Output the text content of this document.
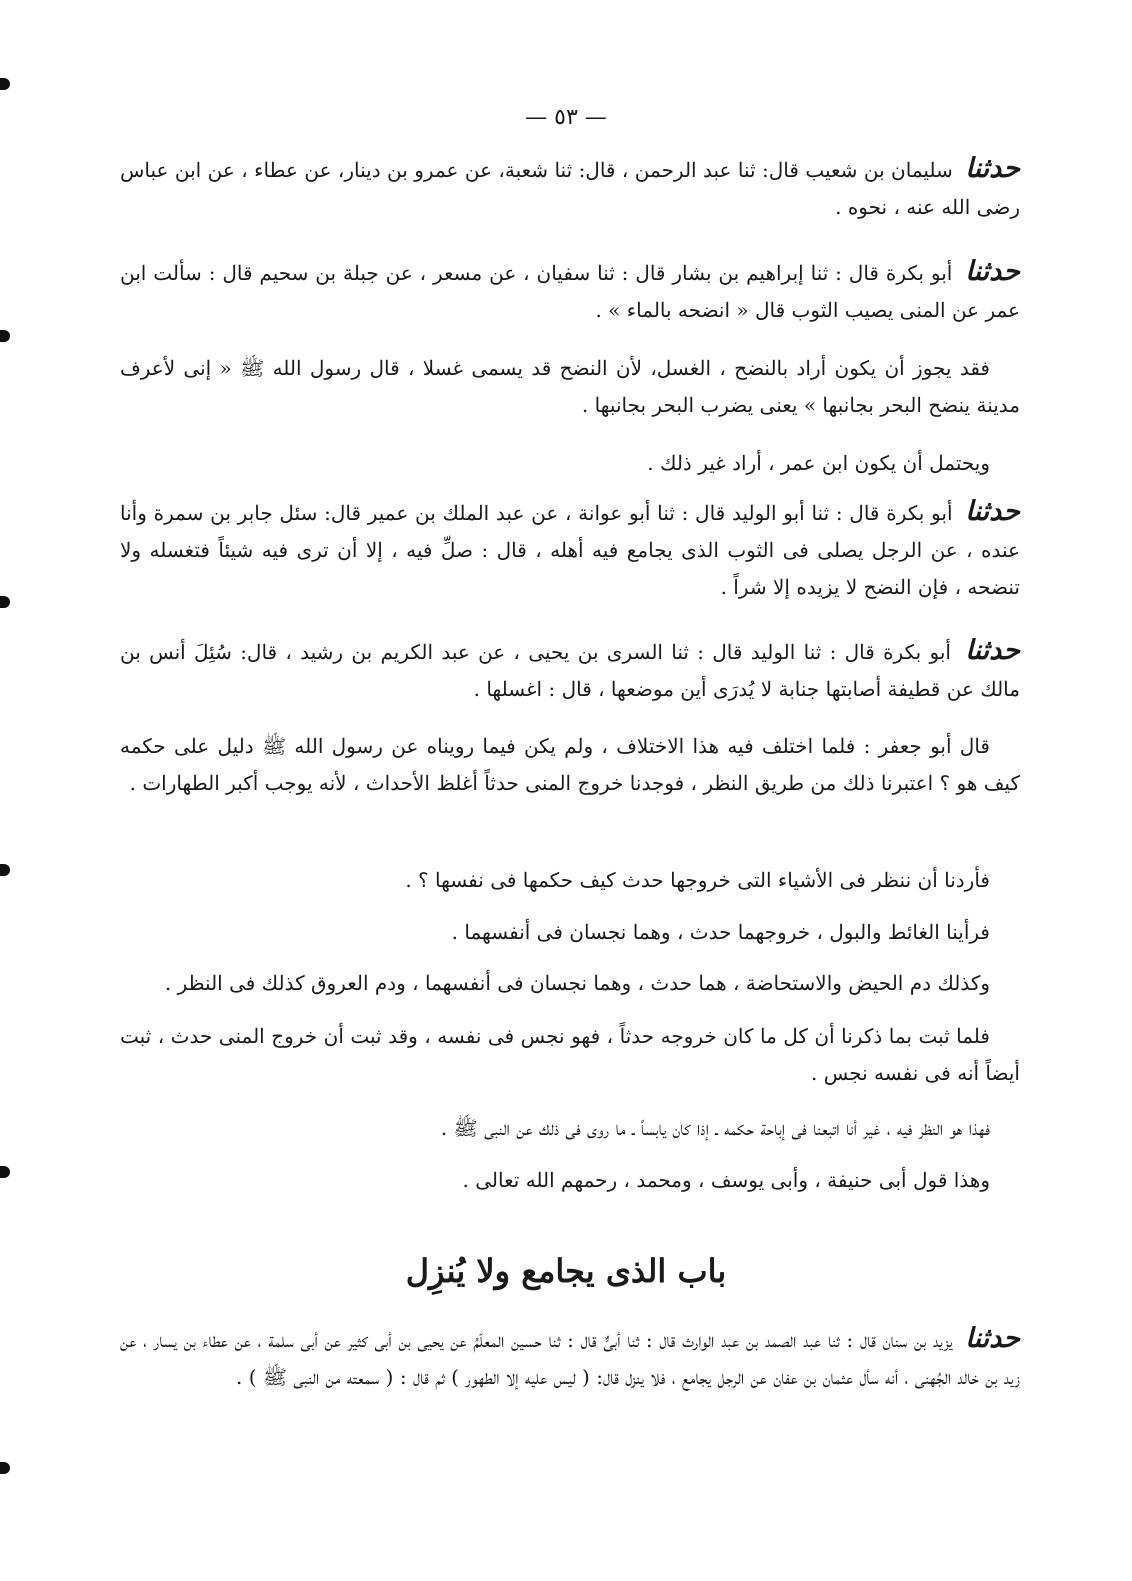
— ٥٣ —

حدثنا سليمان بن شعيب قال: ثنا عبد الرحمن ، قال: ثنا شعبة، عن عمرو بن دينار، عن عطاء ، عن ابن عباس رضى الله عنه ، نحوه .

حدثنا أبو بكرة قال : ثنا إبراهيم بن بشار قال : ثنا سفيان ، عن مسعر ، عن جبلة بن سحيم قال : سألت ابن عمر عن المنى يصيب الثوب قال « انضحه بالماء » .

فقد يجوز أن يكون أراد بالنضح ، الغسل، لأن النضح قد يسمى غسلا ، قال رسول الله ﷺ « إنى لأعرف مدينة ينضح البحر بجانبها » يعنى يضرب البحر بجانبها .

ويحتمل أن يكون ابن عمر ، أراد غير ذلك .

حدثنا أبو بكرة قال : ثنا أبو الوليد قال : ثنا أبو عوانة ، عن عبد الملك بن عمير قال: سئل جابر بن سمرة وأنا عنده ، عن الرجل يصلى فى الثوب الذى يجامع فيه أهله ، قال : صلِّ فيه ، إلا أن ترى فيه شيئاً فتغسله ولا تنضحه ، فإن النضح لا يزيده إلا شراً .

حدثنا أبو بكرة قال : ثنا الوليد قال : ثنا السرى بن يحيى ، عن عبد الكريم بن رشيد ، قال: سُئِلَ أنس بن مالك عن قطيفة أصابتها جنابة لا يُدرَى أين موضعها ، قال : اغسلها .

قال أبو جعفر : فلما اختلف فيه هذا الاختلاف ، ولم يكن فيما رويناه عن رسول الله ﷺ دليل على حكمه كيف هو ؟ اعتبرنا ذلك من طريق النظر ، فوجدنا خروج المنى حدثاً أغلظ الأحداث ، لأنه يوجب أكبر الطهارات .

فأردنا أن ننظر فى الأشياء التى خروجها حدث كيف حكمها فى نفسها ؟ .

فرأينا الغائط والبول ، خروجهما حدث ، وهما نجسان فى أنفسهما .

وكذلك دم الحيض والاستحاضة ، هما حدث ، وهما نجسان فى أنفسهما ، ودم العروق كذلك فى النظر .

فلما ثبت بما ذكرنا أن كل ما كان خروجه حدثاً ، فهو نجس فى نفسه ، وقد ثبت أن خروج المنى حدث ، ثبت أيضاً أنه فى نفسه نجس .

فهذا هو النظر فيه ، غير أنا اتبعنا فى إباحة حكمه ـ إذا كان يابساً ـ ما روى فى ذلك عن النبى ﷺ .

وهذا قول أبى حنيفة ، وأبى يوسف ، ومحمد ، رحمهم الله تعالى .

باب الذى يجامع ولا يُنزِل

حدثنا يزيد بن سنان قال : ثنا عبد الصمد بن عبد الوارث قال : ثنا أبىٌّ قال : ثنا حسين المعلّمُ عن يحيى بن أبى كثير عن أبى سلمة ، عن عطاء بن يسار ، عن زيد بن خالد الجُهنى ، أنه سأل عثمان بن عفان عن الرجل يجامع ، فلا ينزل قال: ( ليس عليه إلا الطهور ) ثم قال : ( سمعته من النبى ﷺ ) .
